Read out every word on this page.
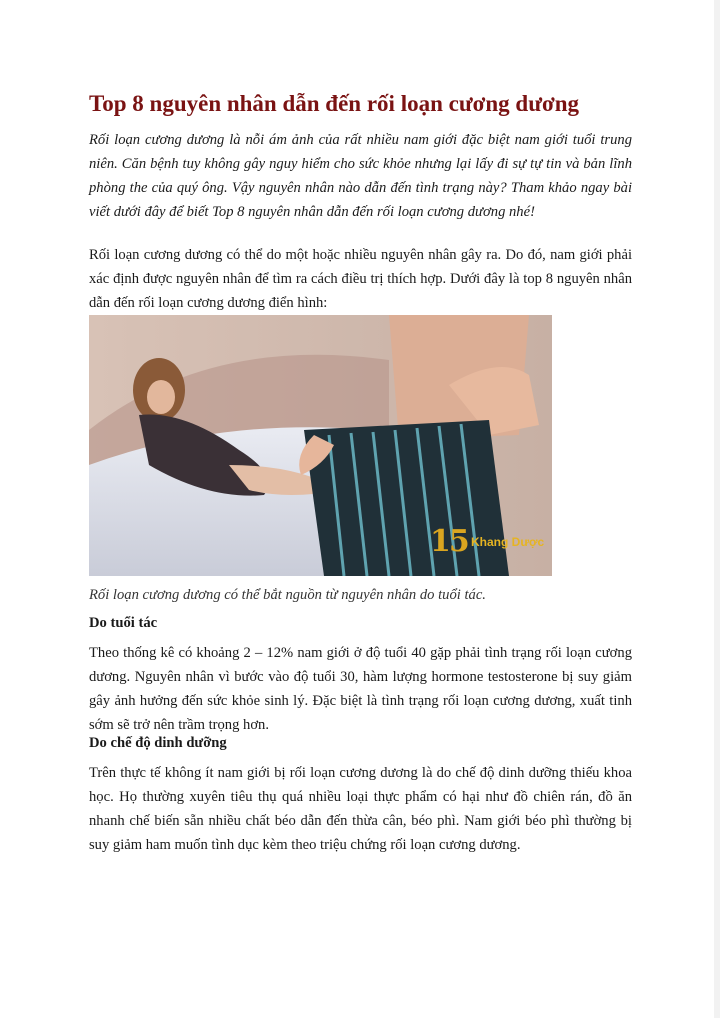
Top 8 nguyên nhân dẫn đến rối loạn cương dương

Rối loạn cương dương là nỗi ám ảnh của rất nhiều nam giới đặc biệt nam giới tuổi trung niên. Căn bệnh tuy không gây nguy hiểm cho sức khỏe nhưng lại lấy đi sự tự tin và bản lĩnh phòng the của quý ông. Vậy nguyên nhân nào dẫn đến tình trạng này? Tham khảo ngay bài viết dưới đây để biết Top 8 nguyên nhân dẫn đến rối loạn cương dương nhé!

Rối loạn cương dương có thể do một hoặc nhiều nguyên nhân gây ra. Do đó, nam giới phải xác định được nguyên nhân để tìm ra cách điều trị thích hợp. Dưới đây là top 8 nguyên nhân dẫn đến rối loạn cương dương điển hình:

15 Khang Dược

Rối loạn cương dương có thể bắt nguồn từ nguyên nhân do tuổi tác.

Do tuổi tác

Theo thống kê có khoảng 2 – 12% nam giới ở độ tuổi 40 gặp phải tình trạng rối loạn cương dương. Nguyên nhân vì bước vào độ tuổi 30, hàm lượng hormone testosterone bị suy giảm gây ảnh hưởng đến sức khỏe sinh lý. Đặc biệt là tình trạng rối loạn cương dương, xuất tinh sớm sẽ trở nên trầm trọng hơn.

Do chế độ dinh dưỡng

Trên thực tế không ít nam giới bị rối loạn cương dương là do chế độ dinh dưỡng thiếu khoa học. Họ thường xuyên tiêu thụ quá nhiều loại thực phẩm có hại như đồ chiên rán, đồ ăn nhanh chế biến sẵn nhiều chất béo dẫn đến thừa cân, béo phì. Nam giới béo phì thường bị suy giảm ham muốn tình dục kèm theo triệu chứng rối loạn cương dương.
